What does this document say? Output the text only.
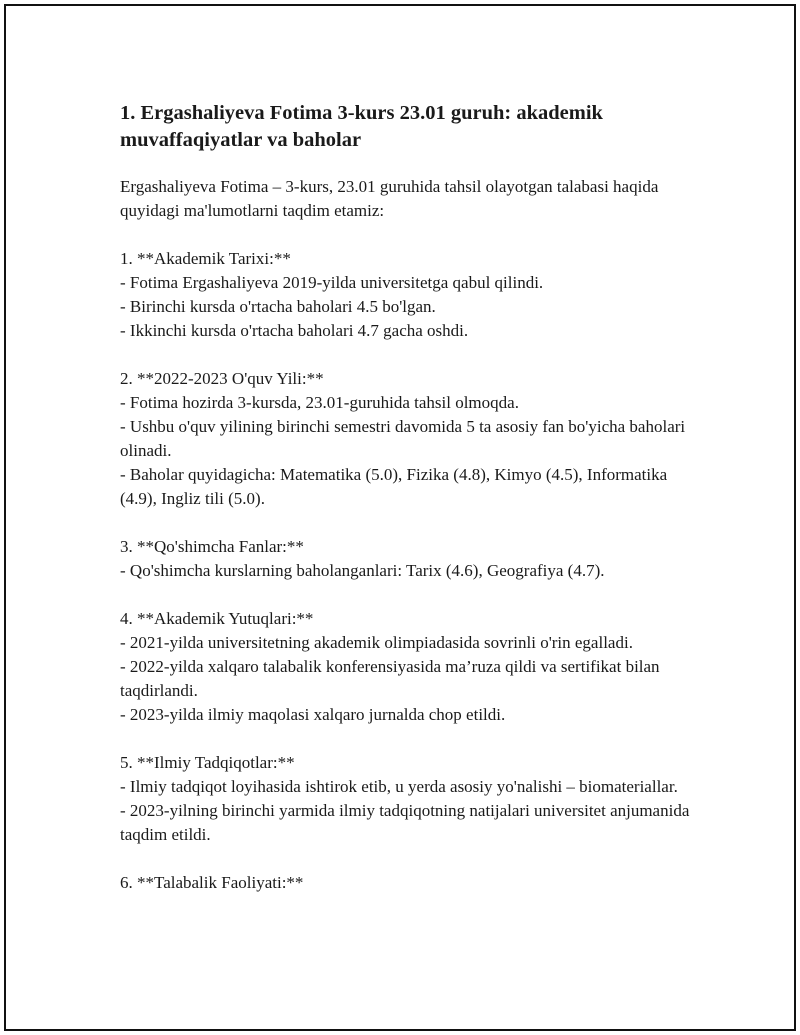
1. Ergashaliyeva Fotima 3-kurs 23.01 guruh: akademik muvaffaqiyatlar va baholar

Ergashaliyeva Fotima – 3-kurs, 23.01 guruhida tahsil olayotgan talabasi haqida quyidagi ma'lumotlarni taqdim etamiz:

1. **Akademik Tarixi:**

- Fotima Ergashaliyeva 2019-yilda universitetga qabul qilindi.

- Birinchi kursda o'rtacha baholari 4.5 bo'lgan.

- Ikkinchi kursda o'rtacha baholari 4.7 gacha oshdi.

2. **2022-2023 O'quv Yili:**

- Fotima hozirda 3-kursda, 23.01-guruhida tahsil olmoqda.

- Ushbu o'quv yilining birinchi semestri davomida 5 ta asosiy fan bo'yicha baholari olinadi.

- Baholar quyidagicha: Matematika (5.0), Fizika (4.8), Kimyo (4.5), Informatika (4.9), Ingliz tili (5.0).

3. **Qo'shimcha Fanlar:**

- Qo'shimcha kurslarning baholanganlari: Tarix (4.6), Geografiya (4.7).

4. **Akademik Yutuqlari:**

- 2021-yilda universitetning akademik olimpiadasida sovrinli o'rin egalladi.

- 2022-yilda xalqaro talabalik konferensiyasida ma’ruza qildi va sertifikat bilan taqdirlandi.

- 2023-yilda ilmiy maqolasi xalqaro jurnalda chop etildi.

5. **Ilmiy Tadqiqotlar:**

- Ilmiy tadqiqot loyihasida ishtirok etib, u yerda asosiy yo'nalishi – biomateriallar.

- 2023-yilning birinchi yarmida ilmiy tadqiqotning natijalari universitet anjumanida taqdim etildi.

6. **Talabalik Faoliyati:**
